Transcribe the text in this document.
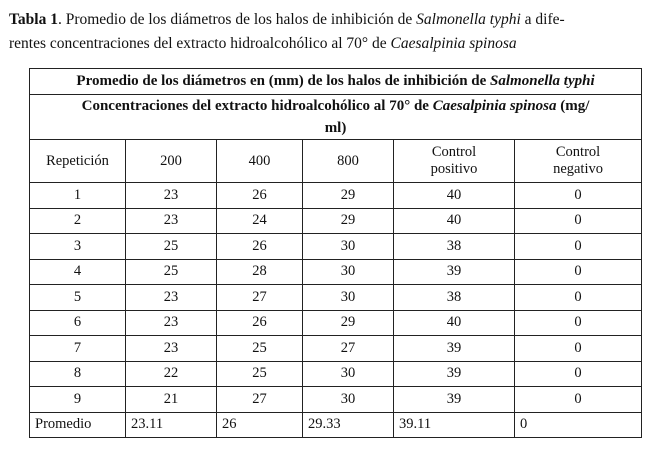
Tabla 1. Promedio de los diámetros de los halos de inhibición de Salmonella typhi a dife-
rentes concentraciones del extracto hidroalcohólico al 70° de Caesalpinia spinosa
Promedio de los diámetros en (mm) de los halos de inhibición de Salmonella typhi					
Concentraciones del extracto hidroalcohólico al 70° de Caesalpinia spinosa (mg/
ml)					
Repetición	200	400	800	Control positivo	Control negativo
1	23	26	29	40	0
2	23	24	29	40	0
3	25	26	30	38	0
4	25	28	30	39	0
5	23	27	30	38	0
6	23	26	29	40	0
7	23	25	27	39	0
8	22	25	30	39	0
9	21	27	30	39	0
Promedio	23.11	26	29.33	39.11	0
